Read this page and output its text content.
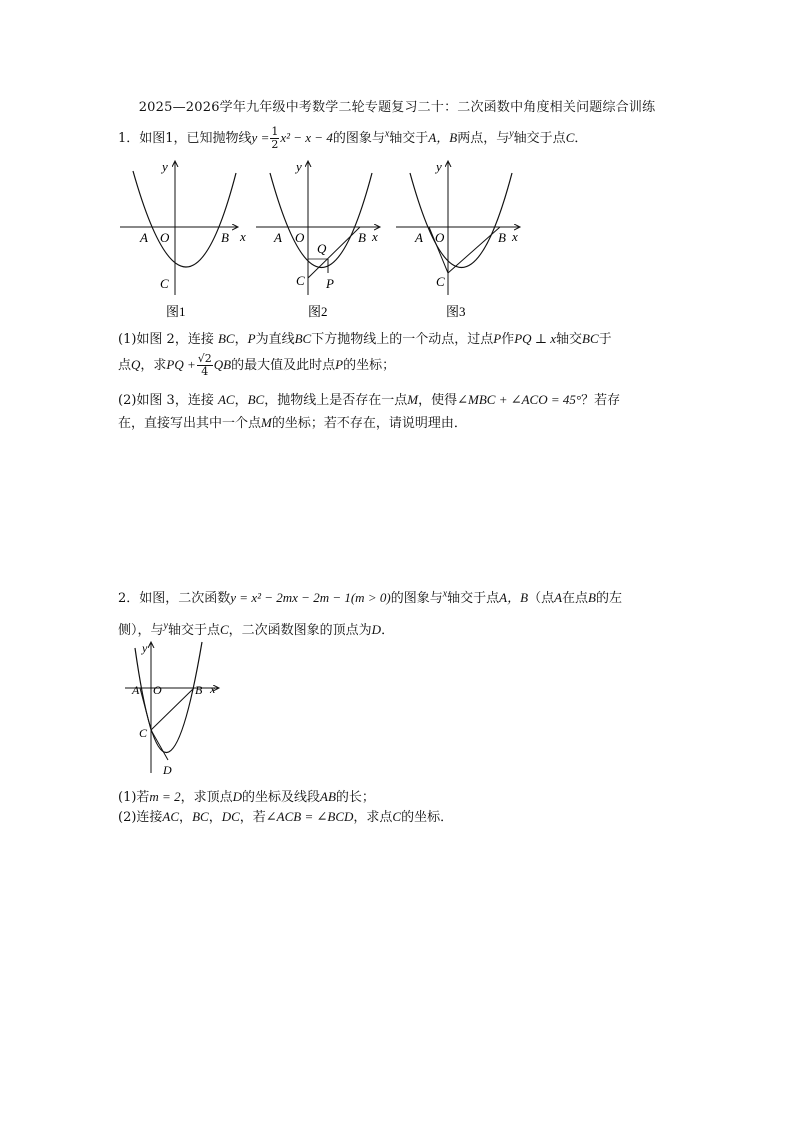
2025—2026学年九年级中考数学二轮专题复习二十：二次函数中角度相关问题综合训练
1．如图1，已知抛物线$y = \frac{1}{2} x^2 - x - 4$的图象与$^x$轴交于A，B两点，与$^y$轴交于点C．
y
x
A O	B
C
图1
y
x
A O	B
Q
C P
图2
y
x
A O	B
C
图3
(1)如图 2，连接 BC，P为直线BC下方抛物线上的一个动点，过点P作PQ ⊥ x轴交BC于
点Q，求PQ + $\frac{√2}{4}$ QB的最大值及此时点P的坐标；
(2)如图 3，连接 AC，BC，抛物线上是否存在一点M，使得∠MBC + ∠ACO = 45°？若存
在，直接写出其中一个点M的坐标；若不存在，请说明理由．
2．如图，二次函数y = x² − 2mx − 2m − 1(m > 0)的图象与$^x$轴交于点A，B（点A在点B的左
侧），与$^y$轴交于点C，二次函数图象的顶点为D．
y
x
A O	B
C
D
(1)若m = 2，求顶点D的坐标及线段AB的长；
(2)连接AC，BC，DC，若∠ACB = ∠BCD，求点C的坐标．
